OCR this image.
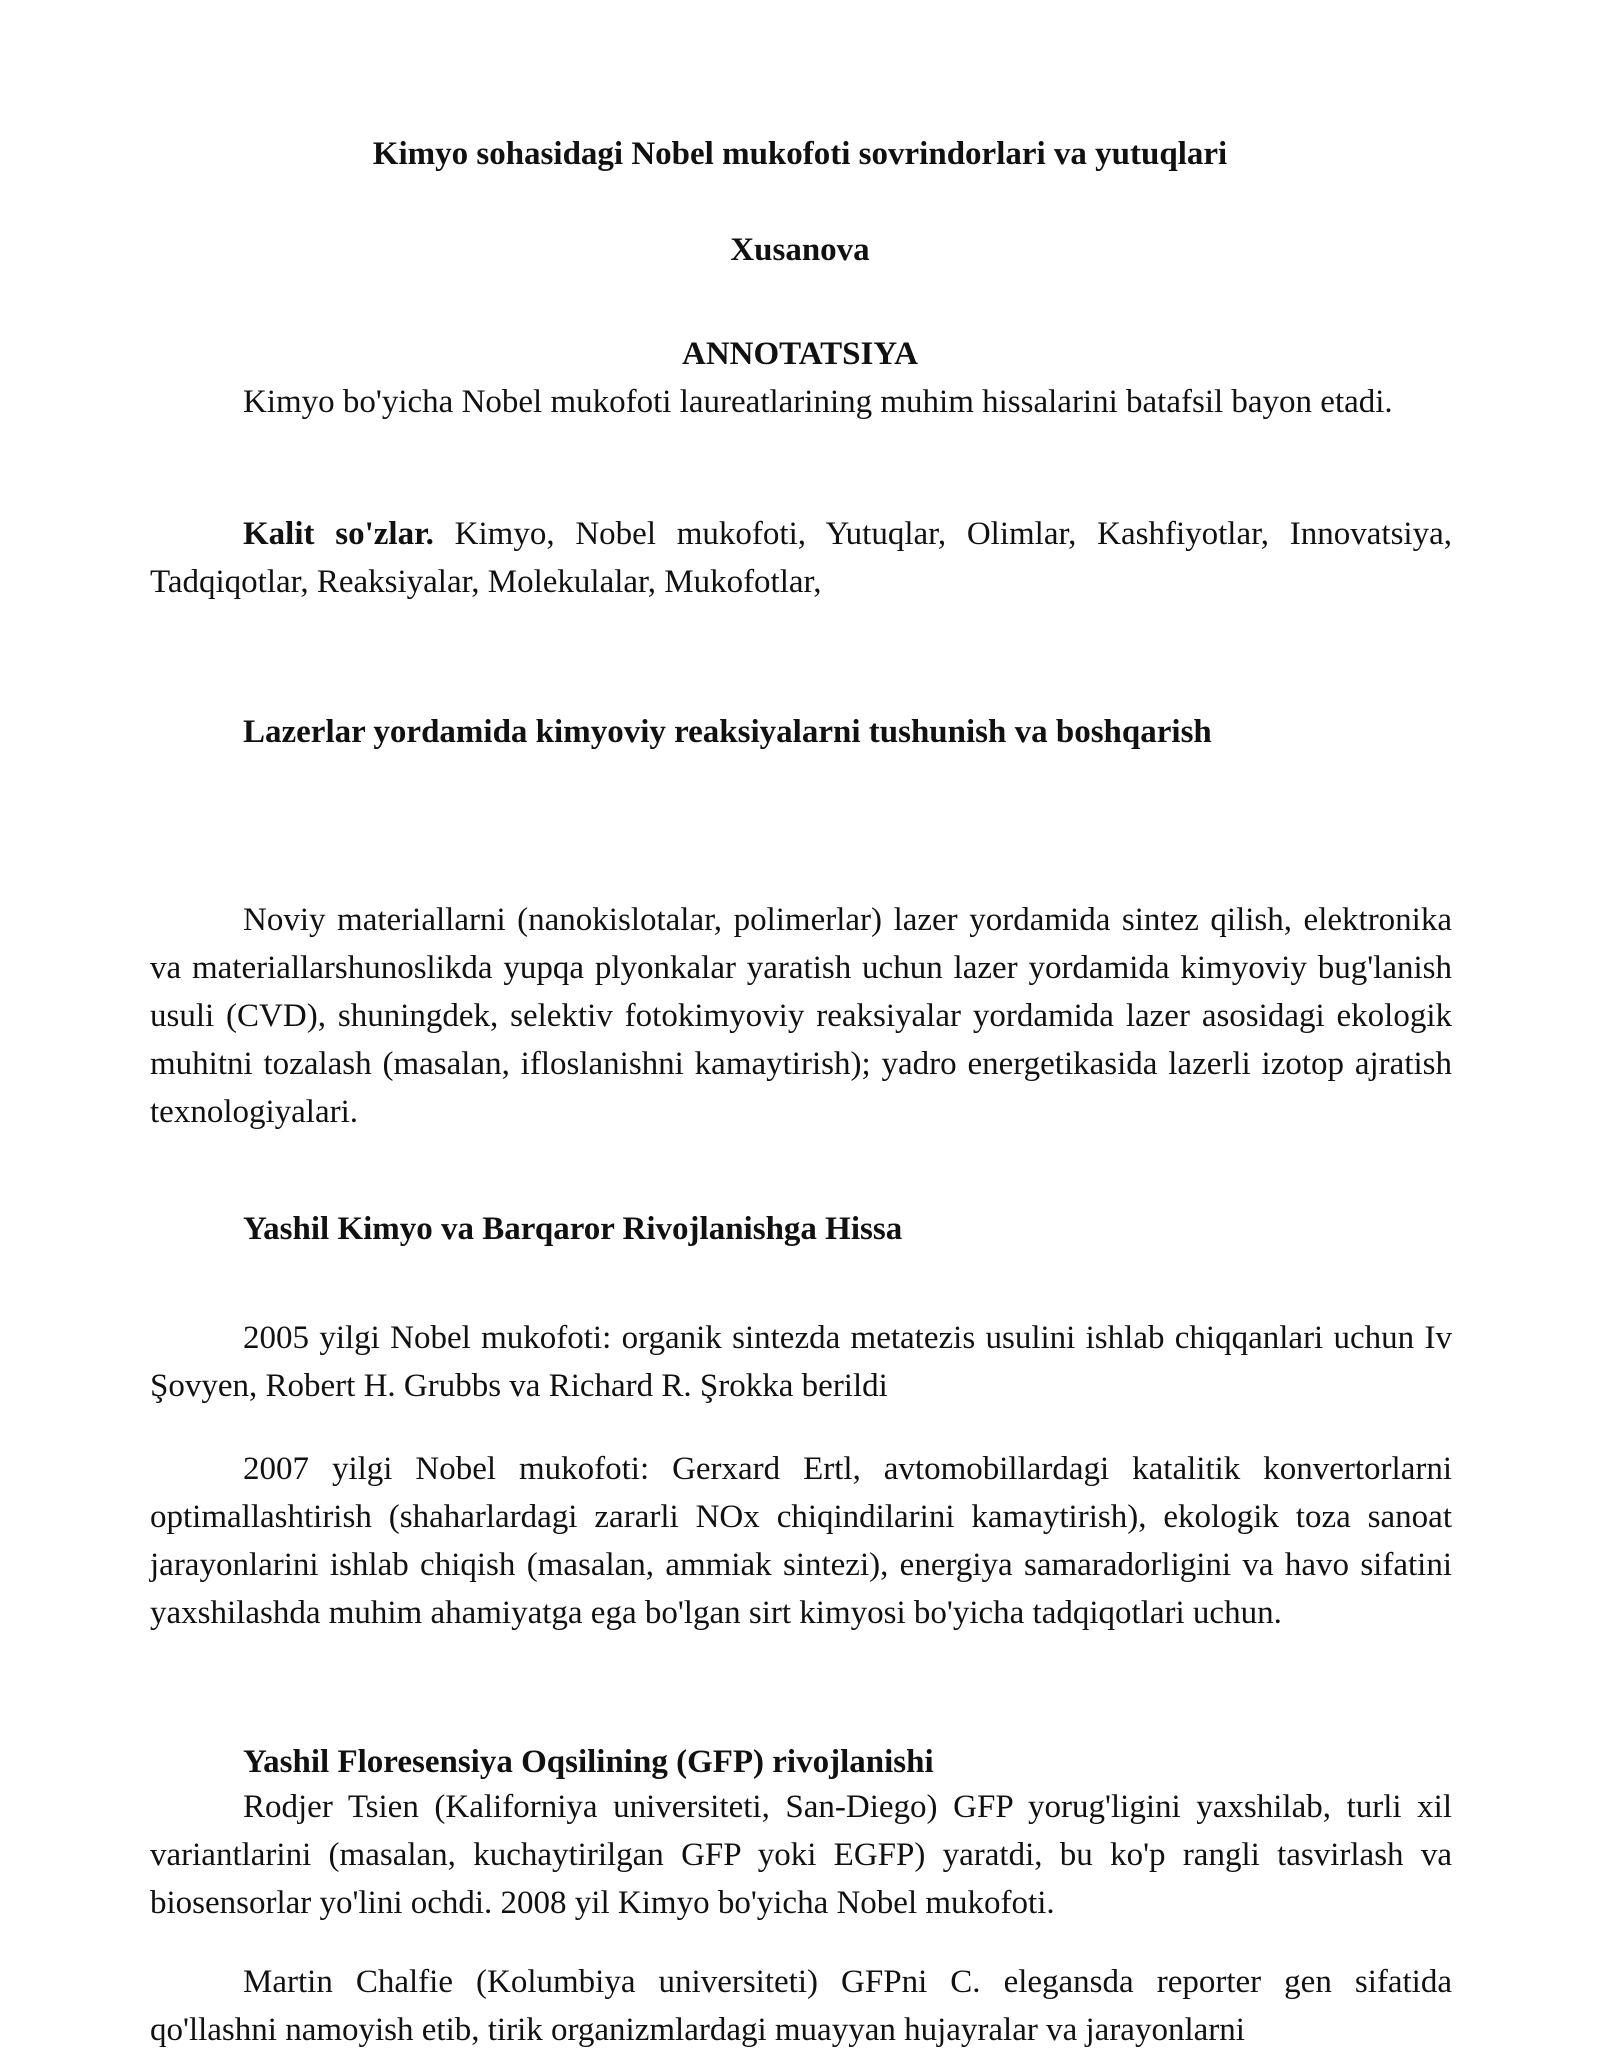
Kimyo sohasidagi Nobel mukofoti sovrindorlari va yutuqlari
Xusanova
ANNOTATSIYA

Kimyo bo'yicha Nobel mukofoti laureatlarining muhim hissalarini batafsil bayon etadi.

Kalit so'zlar. Kimyo, Nobel mukofoti, Yutuqlar, Olimlar, Kashfiyotlar, Innovatsiya, Tadqiqotlar, Reaksiyalar, Molekulalar, Mukofotlar,

Lazerlar yordamida kimyoviy reaksiyalarni tushunish va boshqarish

Noviy materiallarni (nanokislotalar, polimerlar) lazer yordamida sintez qilish, elektronika va materiallarshunoslikda yupqa plyonkalar yaratish uchun lazer yordamida kimyoviy bug'lanish usuli (CVD), shuningdek, selektiv fotokimyoviy reaksiyalar yordamida lazer asosidagi ekologik muhitni tozalash (masalan, ifloslanishni kamaytirish); yadro energetikasida lazerli izotop ajratish texnologiyalari.

Yashil Kimyo va Barqaror Rivojlanishga Hissa

2005 yilgi Nobel mukofoti: organik sintezda metatezis usulini ishlab chiqqanlari uchun Iv Şovyen, Robert H. Grubbs va Richard R. Şrokka berildi

2007 yilgi Nobel mukofoti: Gerxard Ertl, avtomobillardagi katalitik konvertorlarni optimallashtirish (shaharlardagi zararli NOx chiqindilarini kamaytirish), ekologik toza sanoat jarayonlarini ishlab chiqish (masalan, ammiak sintezi), energiya samaradorligini va havo sifatini yaxshilashda muhim ahamiyatga ega bo'lgan sirt kimyosi bo'yicha tadqiqotlari uchun.

Yashil Floresensiya Oqsilining (GFP) rivojlanishi

Rodjer Tsien (Kaliforniya universiteti, San-Diego) GFP yorug'ligini yaxshilab, turli xil variantlarini (masalan, kuchaytirilgan GFP yoki EGFP) yaratdi, bu ko'p rangli tasvirlash va biosensorlar yo'lini ochdi. 2008 yil Kimyo bo'yicha Nobel mukofoti.

Martin Chalfie (Kolumbiya universiteti) GFPni C. elegansda reporter gen sifatida qo'llashni namoyish etib, tirik organizmlardagi muayyan hujayralar va jarayonlarni
